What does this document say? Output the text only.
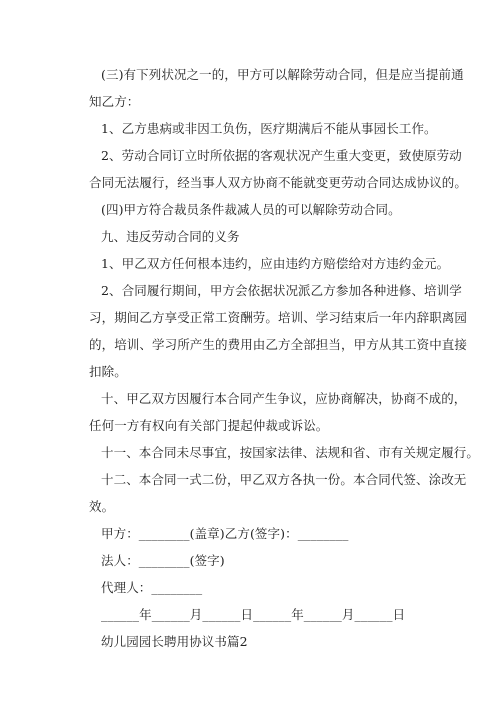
(三)有下列状况之一的，甲方可以解除劳动合同，但是应当提前通
知乙方：
1、乙方患病或非因工负伤，医疗期满后不能从事园长工作。
2、劳动合同订立时所依据的客观状况产生重大变更，致使原劳动
合同无法履行，经当事人双方协商不能就变更劳动合同达成协议的。
(四)甲方符合裁员条件裁减人员的可以解除劳动合同。
九、违反劳动合同的义务
1、甲乙双方任何根本违约，应由违约方赔偿给对方违约金元。
2、合同履行期间，甲方会依据状况派乙方参加各种进修、培训学
习，期间乙方享受正常工资酬劳。培训、学习结束后一年内辞职离园
的，培训、学习所产生的费用由乙方全部担当，甲方从其工资中直接
扣除。
十、甲乙双方因履行本合同产生争议，应协商解决，协商不成的，
任何一方有权向有关部门提起仲裁或诉讼。
十一、本合同未尽事宜，按国家法律、法规和省、市有关规定履行。
十二、本合同一式二份，甲乙双方各执一份。本合同代签、涂改无
效。
甲方：________(盖章)乙方(签字)：________
法人：________(签字)
代理人：________
______年______月______日______年______月______日
幼儿园园长聘用协议书篇2
